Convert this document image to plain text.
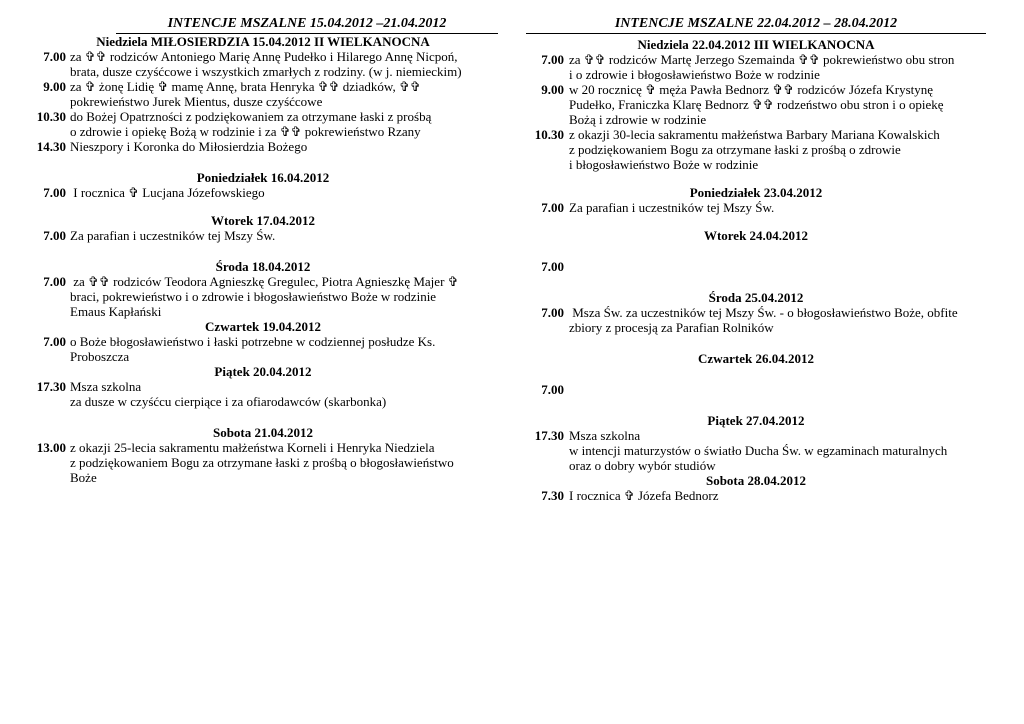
INTENCJE MSZALNE 15.04.2012 –21.04.2012
Niedziela MIŁOSIERDZIA 15.04.2012 II WIELKANOCNA
7.00 za ✞✞ rodziców Antoniego Marię Annę Pudełko i Hilarego Annę Nicpoń,
brata, dusze czyśćcowe i wszystkich zmarłych z rodziny. (w j. niemieckim)
9.00 za ✞ żonę Lidię ✞ mamę Annę, brata Henryka ✞✞ dziadków, ✞✞
pokrewieństwo Jurek Mientus, dusze czyśćcowe
10.30 do Bożej Opatrzności z podziękowaniem za otrzymane łaski z prośbą
o zdrowie i opiekę Bożą w rodzinie i za ✞✞ pokrewieństwo Rzany
14.30 Nieszpory i Koronka do Miłosierdzia Bożego
Poniedziałek 16.04.2012
7.00 I rocznica ✞ Lucjana Józefowskiego
Wtorek 17.04.2012
7.00 Za parafian i uczestników tej Mszy Św.
Środa 18.04.2012
7.00 za ✞✞ rodziców Teodora Agnieszkę Gregulec, Piotra Agnieszkę Majer ✞
braci, pokrewieństwo i o zdrowie i błogosławieństwo Boże w rodzinie
Emaus Kapłański
Czwartek 19.04.2012
7.00 o Boże błogosławieństwo i łaski potrzebne w codziennej posłudze Ks.
Proboszcza
Piątek 20.04.2012
17.30 Msza szkolna
za dusze w czyśćcu cierpiące i za ofiarodawców (skarbonka)
Sobota 21.04.2012
13.00 z okazji 25-lecia sakramentu małżeństwa Korneli i Henryka Niedziela
z podziękowaniem Bogu za otrzymane łaski z prośbą o błogosławieństwo
Boże
INTENCJE MSZALNE 22.04.2012 – 28.04.2012
Niedziela 22.04.2012 III WIELKANOCNA
7.00 za ✞✞ rodziców Martę Jerzego Szemainda ✞✞ pokrewieństwo obu stron
i o zdrowie i błogosławieństwo Boże w rodzinie
9.00 w 20 rocznicę ✞ męża Pawła Bednorz ✞✞ rodziców Józefa Krystynę
Pudełko, Franiczka Klarę Bednorz ✞✞ rodzeństwo obu stron i o opiekę
Bożą i zdrowie w rodzinie
10.30 z okazji 30-lecia sakramentu małżeństwa Barbary Mariana Kowalskich
z podziękowaniem Bogu za otrzymane łaski z prośbą o zdrowie
i błogosławieństwo Boże w rodzinie
Poniedziałek 23.04.2012
7.00 Za parafian i uczestników tej Mszy Św.
Wtorek 24.04.2012
7.00
Środa 25.04.2012
7.00 Msza Św. za uczestników tej Mszy Św. - o błogosławieństwo Boże, obfite
zbiory z procesją za Parafian Rolników
Czwartek 26.04.2012
7.00
Piątek 27.04.2012
17.30 Msza szkolna
w intencji maturzystów o światło Ducha Św. w egzaminach maturalnych
oraz o dobry wybór studiów
Sobota 28.04.2012
7.30 I rocznica ✞ Józefa Bednorz
